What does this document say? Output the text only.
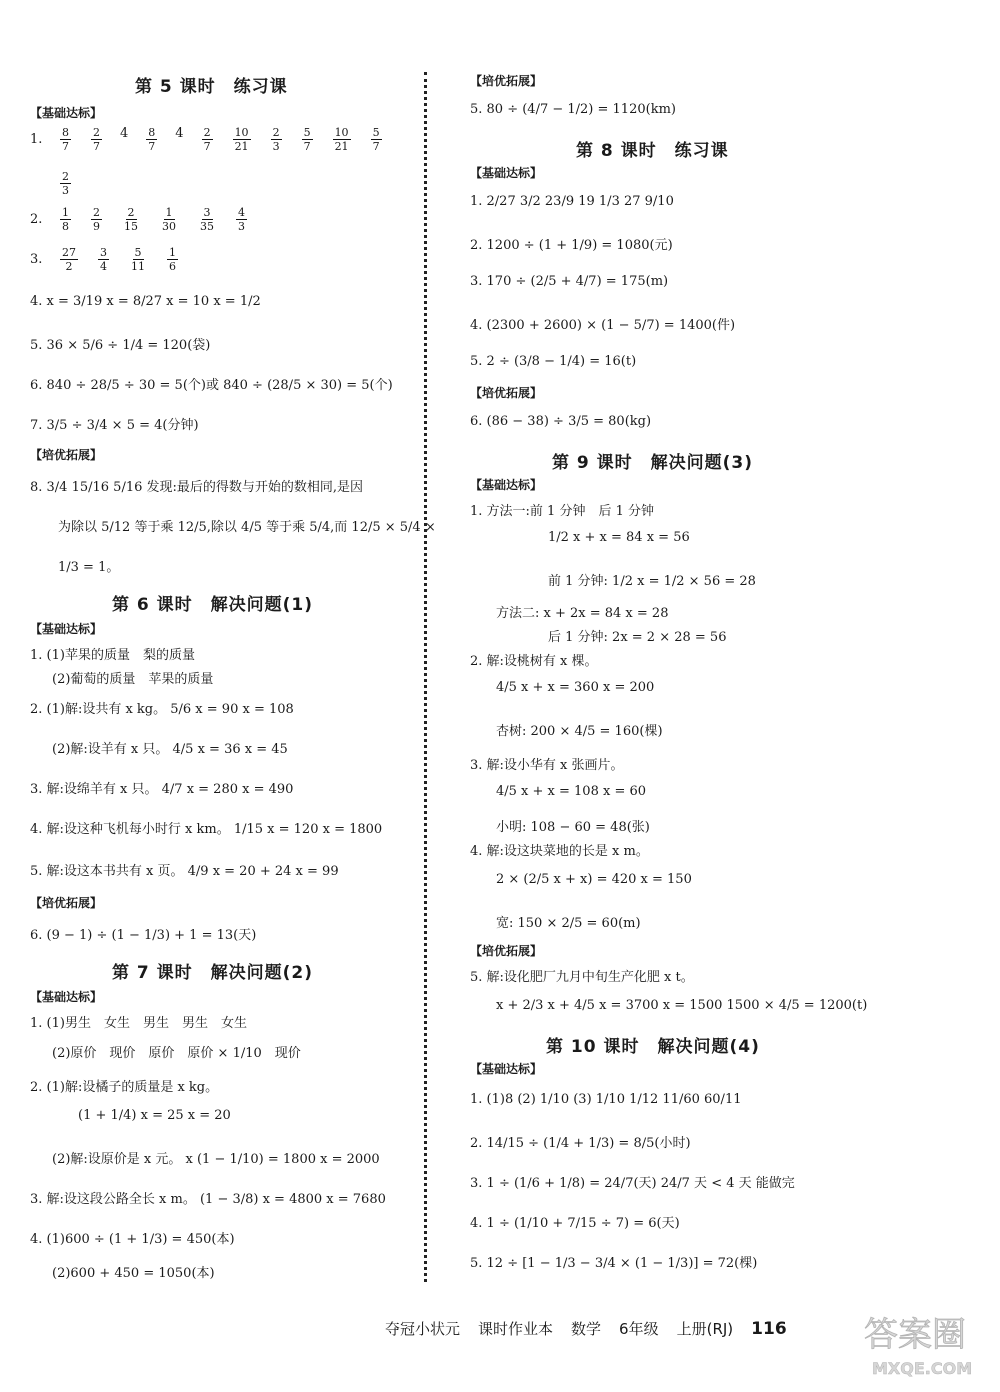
第 5 课时　练习课
【基础达标】
1.	$\frac{8}{7} \frac{2}{7} 4 \frac{8}{7} 4 \frac{2}{7} \frac{10}{21} \frac{2}{3} \frac{5}{7} \frac{10}{21} \frac{5}{7}$
$\frac{2}{3}$
2.	$\frac{1}{8} \frac{2}{9} \frac{2}{15} \frac{1}{30} \frac{3}{35} \frac{4}{3}$
3.	$\frac{27}{2} \frac{3}{4} \frac{5}{11} \frac{1}{6}$
4. x = 3/19 x = 8/27 x = 10 x = 1/2
5. 36 × 5/6 ÷ 1/4 = 120(袋)
6. 840 ÷ 28/5 ÷ 30 = 5(个)或 840 ÷ (28/5 × 30) = 5(个)
7. 3/5 ÷ 3/4 × 5 = 4(分钟)
【培优拓展】
8. 3/4 15/16 5/16 发现:最后的得数与开始的数相同,是因
为除以 5/12 等于乘 12/5,除以 4/5 等于乘 5/4,而 12/5 × 5/4 ×
1/3 = 1。
第 6 课时　解决问题(1)
【基础达标】
1. (1)苹果的质量　梨的质量
(2)葡萄的质量　苹果的质量
2. (1)解:设共有 x kg。 5/6 x = 90 x = 108
(2)解:设羊有 x 只。 4/5 x = 36 x = 45
3. 解:设绵羊有 x 只。 4/7 x = 280 x = 490
4. 解:设这种飞机每小时行 x km。 1/15 x = 120 x = 1800
5. 解:设这本书共有 x 页。 4/9 x = 20 + 24 x = 99
【培优拓展】
6. (9 − 1) ÷ (1 − 1/3) + 1 = 13(天)
第 7 课时　解决问题(2)
【基础达标】
1. (1)男生　女生　男生　男生　女生
(2)原价　现价　原价　原价 × 1/10　现价
2. (1)解:设橘子的质量是 x kg。
(1 + 1/4) x = 25 x = 20
(2)解:设原价是 x 元。 x (1 − 1/10) = 1800 x = 2000
3. 解:设这段公路全长 x m。 (1 − 3/8) x = 4800 x = 7680
4. (1)600 ÷ (1 + 1/3) = 450(本)
(2)600 + 450 = 1050(本)
【培优拓展】
5. 80 ÷ (4/7 − 1/2) = 1120(km)
第 8 课时　练习课
【基础达标】
1. 2/27 3/2 23/9 19 1/3 27 9/10
2. 1200 ÷ (1 + 1/9) = 1080(元)
3. 170 ÷ (2/5 + 4/7) = 175(m)
4. (2300 + 2600) × (1 − 5/7) = 1400(件)
5. 2 ÷ (3/8 − 1/4) = 16(t)
【培优拓展】
6. (86 − 38) ÷ 3/5 = 80(kg)
第 9 课时　解决问题(3)
【基础达标】
1. 方法一:前 1 分钟　后 1 分钟
1/2 x + x = 84 x = 56
前 1 分钟: 1/2 x = 1/2 × 56 = 28
方法二: x + 2x = 84 x = 28
后 1 分钟: 2x = 2 × 28 = 56
2. 解:设桃树有 x 棵。
4/5 x + x = 360 x = 200
杏树: 200 × 4/5 = 160(棵)
3. 解:设小华有 x 张画片。
4/5 x + x = 108 x = 60
小明: 108 − 60 = 48(张)
4. 解:设这块菜地的长是 x m。
2 × (2/5 x + x) = 420 x = 150
宽: 150 × 2/5 = 60(m)
【培优拓展】
5. 解:设化肥厂九月中旬生产化肥 x t。
x + 2/3 x + 4/5 x = 3700 x = 1500 1500 × 4/5 = 1200(t)
第 10 课时　解决问题(4)
【基础达标】
1. (1)8 (2) 1/10 (3) 1/10 1/12 11/60 60/11
2. 14/15 ÷ (1/4 + 1/3) = 8/5(小时)
3. 1 ÷ (1/6 + 1/8) = 24/7(天) 24/7 天 < 4 天 能做完
4. 1 ÷ (1/10 + 7/15 ÷ 7) = 6(天)
5. 12 ÷ [1 − 1/3 − 3/4 × (1 − 1/3)] = 72(棵)
夺冠小状元 课时作业本 数学 6年级 上册(RJ) 116 答案圈
MXQE.COM
